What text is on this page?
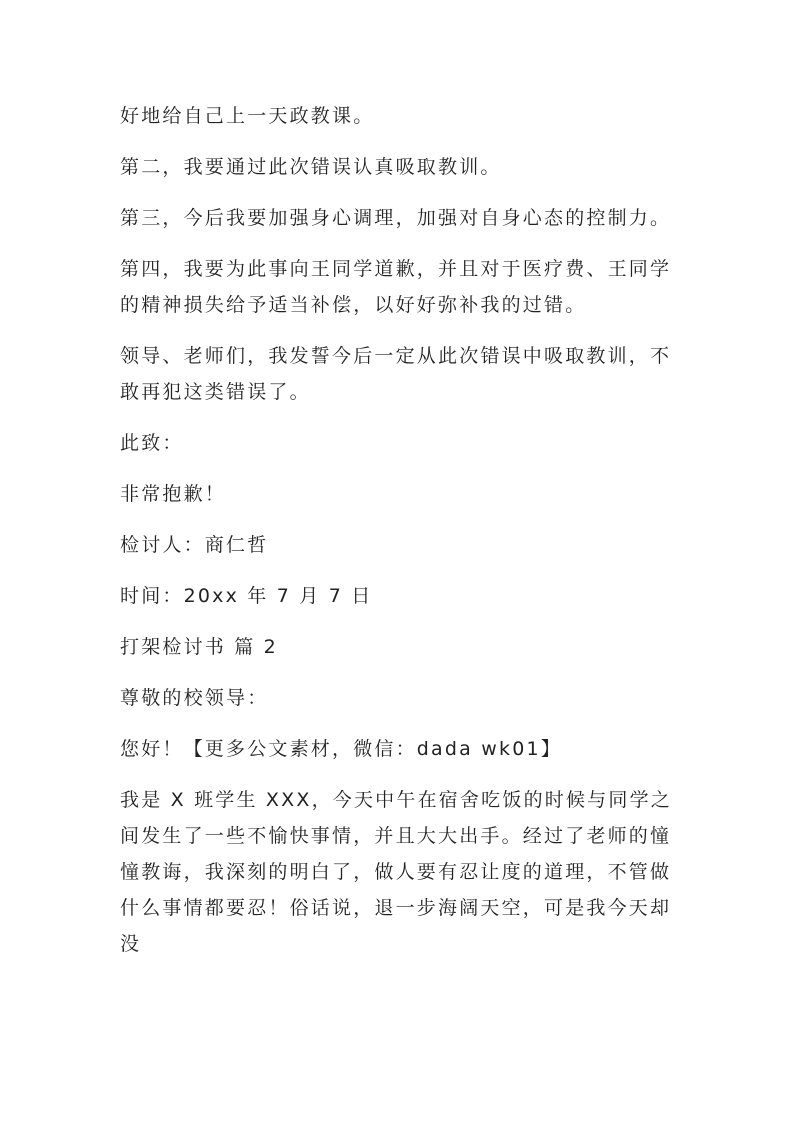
好地给自己上一天政教课。

第二，我要通过此次错误认真吸取教训。

第三，今后我要加强身心调理，加强对自身心态的控制力。

第四，我要为此事向王同学道歉，并且对于医疗费、王同学的精神损失给予适当补偿，以好好弥补我的过错。

领导、老师们，我发誓今后一定从此次错误中吸取教训，不敢再犯这类错误了。

此致：

非常抱歉！

检讨人：商仁哲

时间：20xx 年 7 月 7 日

打架检讨书 篇 2

尊敬的校领导：

您好！【更多公文素材，微信：dada wk01】

我是 X 班学生 XXX，今天中午在宿舍吃饭的时候与同学之间发生了一些不愉快事情，并且大大出手。经过了老师的憧憧教诲，我深刻的明白了，做人要有忍让度的道理，不管做什么事情都要忍！俗话说，退一步海阔天空，可是我今天却没
